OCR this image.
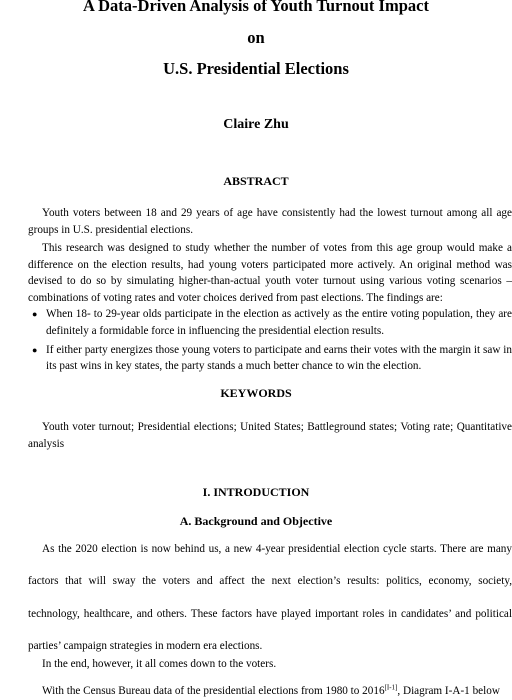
A Data-Driven Analysis of Youth Turnout Impact

on

U.S. Presidential Elections

Claire Zhu

ABSTRACT

Youth voters between 18 and 29 years of age have consistently had the lowest turnout among all age groups in U.S. presidential elections.

This research was designed to study whether the number of votes from this age group would make a difference on the election results, had young voters participated more actively. An original method was devised to do so by simulating higher-than-actual youth voter turnout using various voting scenarios – combinations of voting rates and voter choices derived from past elections. The findings are:

● When 18- to 29-year olds participate in the election as actively as the entire voting population, they are definitely a formidable force in influencing the presidential election results.
● If either party energizes those young voters to participate and earns their votes with the margin it saw in its past wins in key states, the party stands a much better chance to win the election.

KEYWORDS

Youth voter turnout; Presidential elections; United States; Battleground states; Voting rate; Quantitative analysis

I. INTRODUCTION

A. Background and Objective

As the 2020 election is now behind us, a new 4-year presidential election cycle starts. There are many factors that will sway the voters and affect the next election’s results: politics, economy, society, technology, healthcare, and others. These factors have played important roles in candidates’ and political parties’ campaign strategies in modern era elections.

In the end, however, it all comes down to the voters.

With the Census Bureau data of the presidential elections from 1980 to 2016[I-1], Diagram I-A-1 below
